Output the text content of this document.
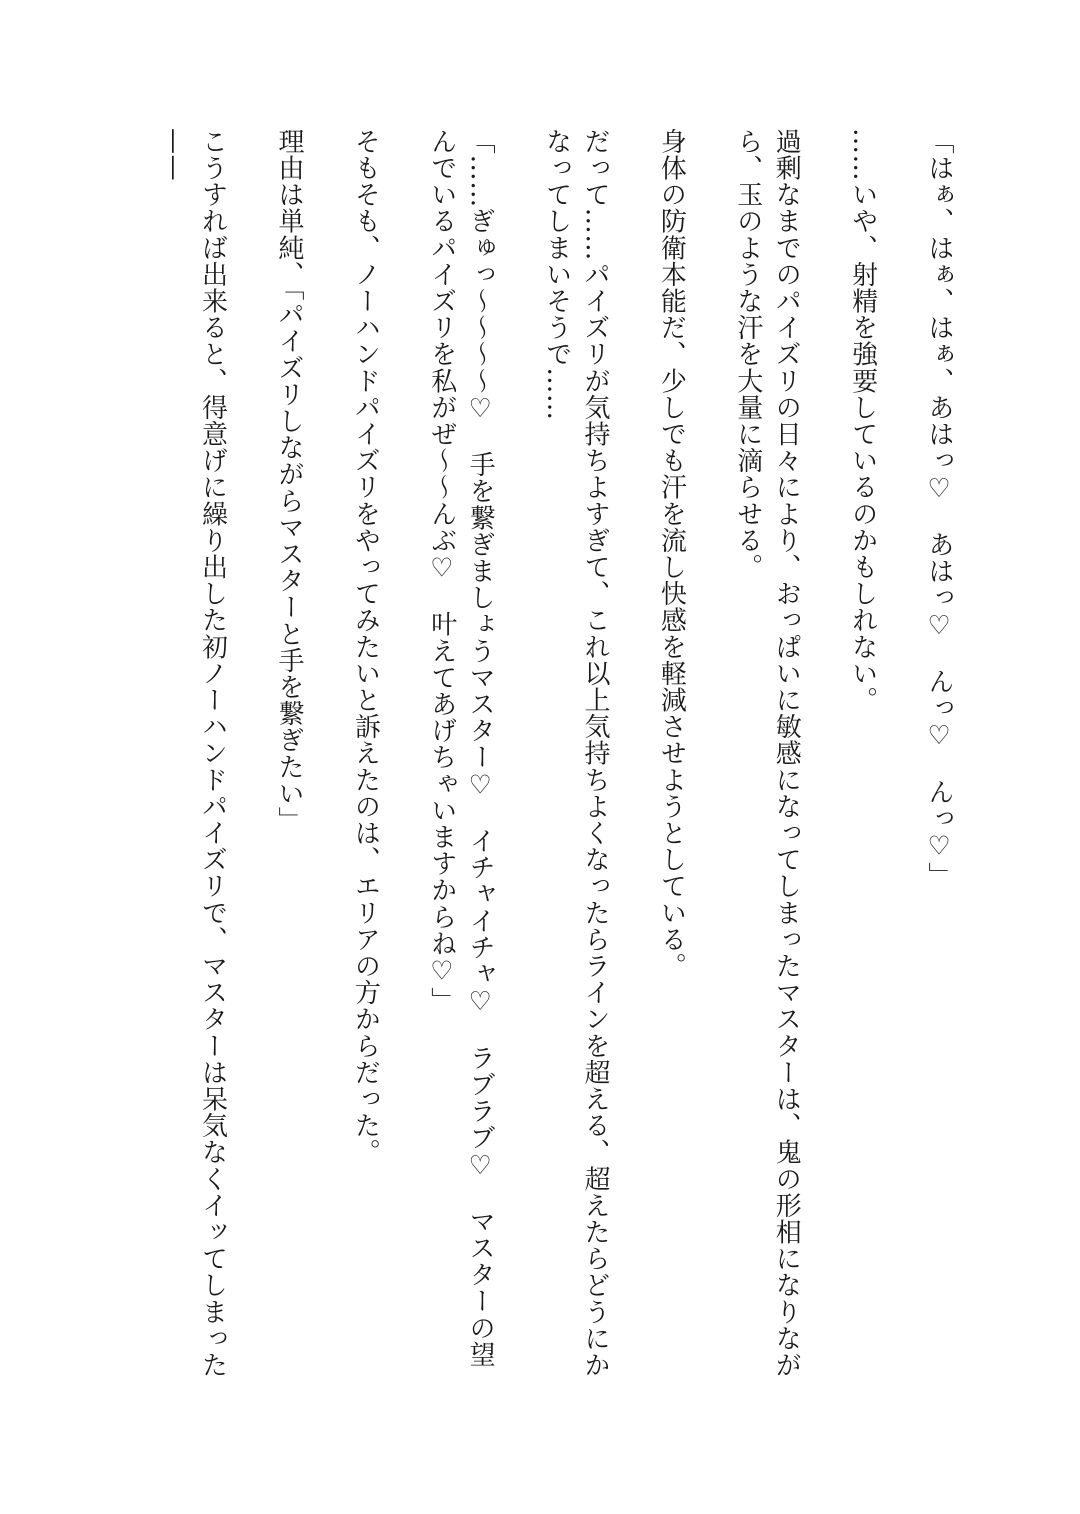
「はぁ、はぁ、はぁ、あはっ♡　あはっ♡　んっ♡　んっ♡」

……いや、射精を強要しているのかもしれない。

過剰なまでのパイズリの日々により、おっぱいに敏感になってしまったマスターは、鬼の形相になりながら、玉のような汗を大量に滴らせる。

身体の防衛本能だ、少しでも汗を流し快感を軽減させようとしている。

だって……パイズリが気持ちよすぎて、これ以上気持ちよくなったらラインを超える、超えたらどうにかなってしまいそうで……

「……ぎゅっ〜〜〜〜♡　手を繋ぎましょうマスター♡　イチャイチャ♡　ラブラブ♡　マスターの望んでいるパイズリを私がぜ〜〜んぶ♡　叶えてあげちゃいますからね♡」

そもそも、ノーハンドパイズリをやってみたいと訴えたのは、エリアの方からだった。

理由は単純、「パイズリしながらマスターと手を繋ぎたい」

こうすれば出来ると、得意げに繰り出した初ノーハンドパイズリで、マスターは呆気なくイッてしまった——
